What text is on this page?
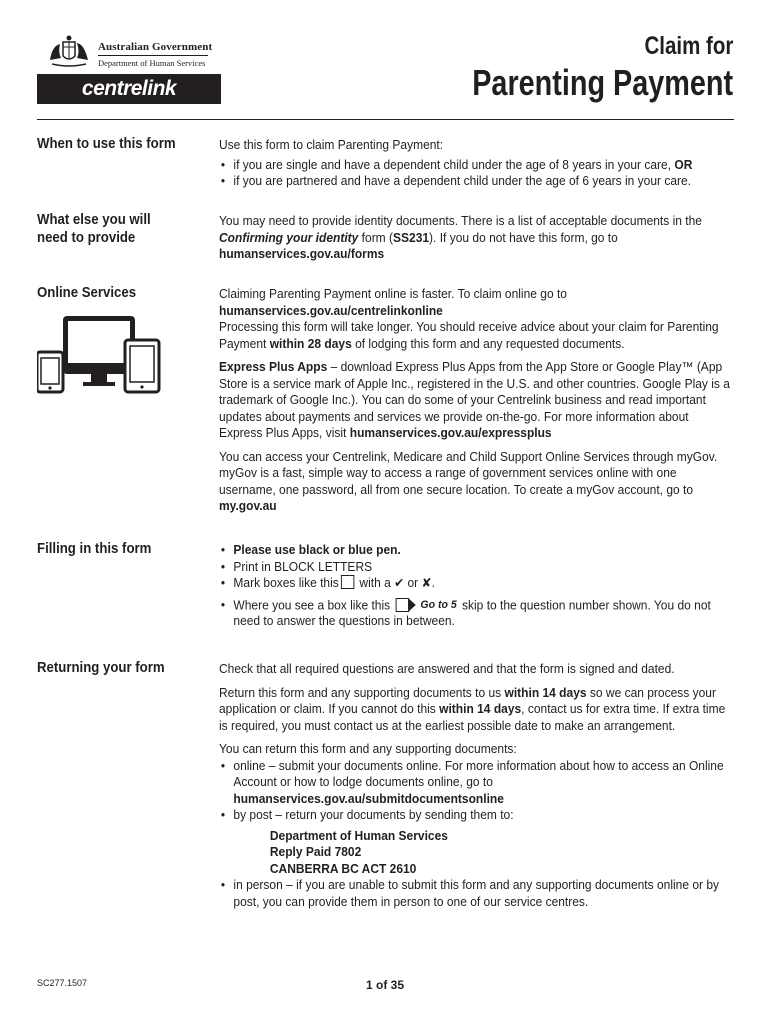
Australian Government
Department of Human Services
centrelink
Claim for
Parenting Payment
When to use this form	Use this form to claim Parenting Payment:

• if you are single and have a dependent child under the age of 8 years in your care, OR
• if you are partnered and have a dependent child under the age of 6 years in your care.
What else you will need to provide

You may need to provide identity documents. There is a list of acceptable documents in the Confirming your identity form (SS231). If you do not have this form, go to humanservices.gov.au/forms

Online Services	Claiming Parenting Payment online is faster. To claim online go to
humanservices.gov.au/centrelinkonline
Processing this form will take longer. You should receive advice about your claim for Parenting Payment within 28 days of lodging this form and any requested documents.

Express Plus Apps – download Express Plus Apps from the App Store or Google Play™ (App Store is a service mark of Apple Inc., registered in the U.S. and other countries. Google Play is a trademark of Google Inc.). You can do some of your Centrelink business and read important updates about payments and services we provide on-the-go. For more information about Express Plus Apps, visit humanservices.gov.au/expressplus

You can access your Centrelink, Medicare and Child Support Online Services through myGov. myGov is a fast, simple way to access a range of government services online with one username, one password, all from one secure location. To create a myGov account, go to my.gov.au

Filling in this form
•	Please use black or blue pen.
• Print in BLOCK LETTERS
• Mark boxes like this with a ✔ or ✘.
• Where you see a box like this	Go to 5 skip to the question number shown. You do not need to answer the questions in between.
Returning your form	Check that all required questions are answered and that the form is signed and dated.

Return this form and any supporting documents to us within 14 days so we can process your application or claim. If you cannot do this within 14 days, contact us for extra time. If extra time is required, you must contact us at the earliest possible date to make an arrangement.

You can return this form and any supporting documents:

• online – submit your documents online. For more information about how to access an Online Account or how to lodge documents online, go to
humanservices.gov.au/submitdocumentsonline
• by post – return your documents by sending them to:
Department of Human Services
Reply Paid 7802
CANBERRA BC ACT 2610
• in person – if you are unable to submit this form and any supporting documents online or by post, you can provide them in person to one of our service centres.
SC277.1507	1 of 35
